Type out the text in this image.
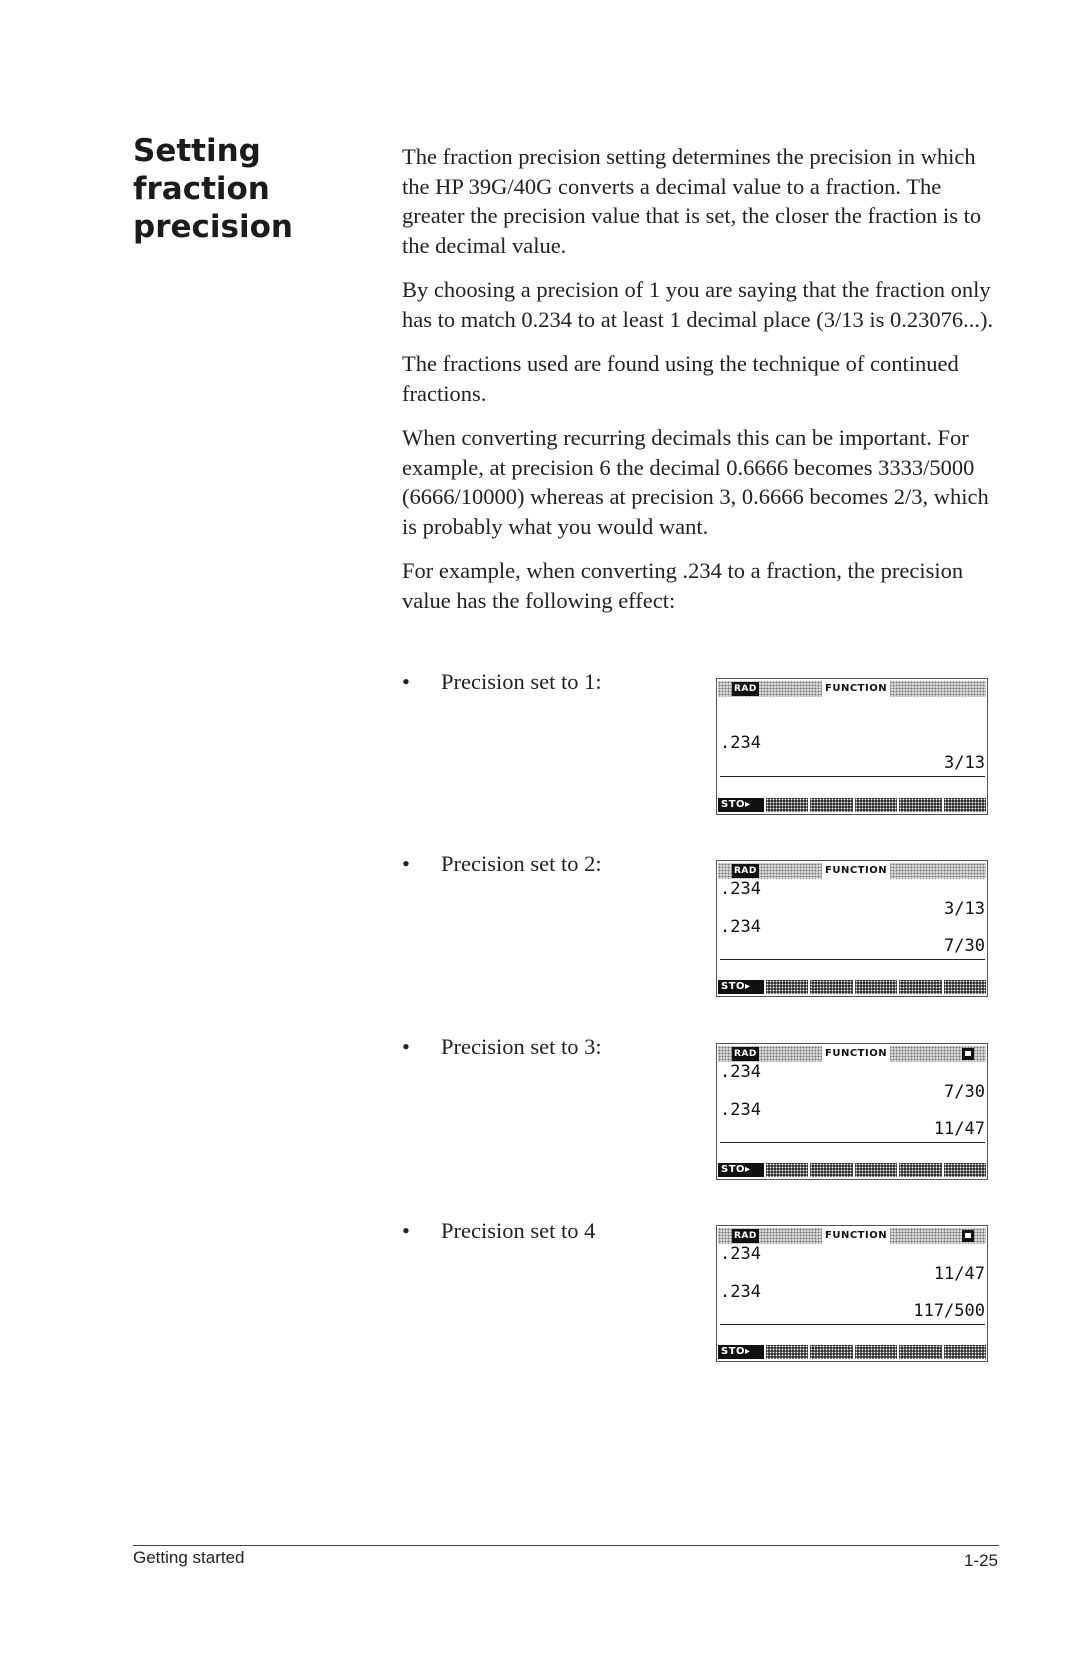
Setting
fraction
precision

The fraction precision setting determines the precision in which the HP 39G/40G converts a decimal value to a fraction. The greater the precision value that is set, the closer the fraction is to the decimal value.

By choosing a precision of 1 you are saying that the fraction only has to match 0.234 to at least 1 decimal place (3/13 is 0.23076...).

The fractions used are found using the technique of continued fractions.

When converting recurring decimals this can be important. For example, at precision 6 the decimal 0.6666 becomes 3333/5000 (6666/10000) whereas at precision 3, 0.6666 becomes 2/3, which is probably what you would want.

For example, when converting .234 to a fraction, the precision value has the following effect:

• Precision set to 1:	RAD	FUNCTION
.234
3/13
STO▸
• Precision set to 2:	RAD	FUNCTION
.234
3/13
.234
7/30
STO▸
• Precision set to 3:	RAD	FUNCTION
.234
7/30
.234
11/47
STO▸
• Precision set to 4	RAD	FUNCTION
.234
11/47
.234
117/500
STO▸
Getting started	1-25
